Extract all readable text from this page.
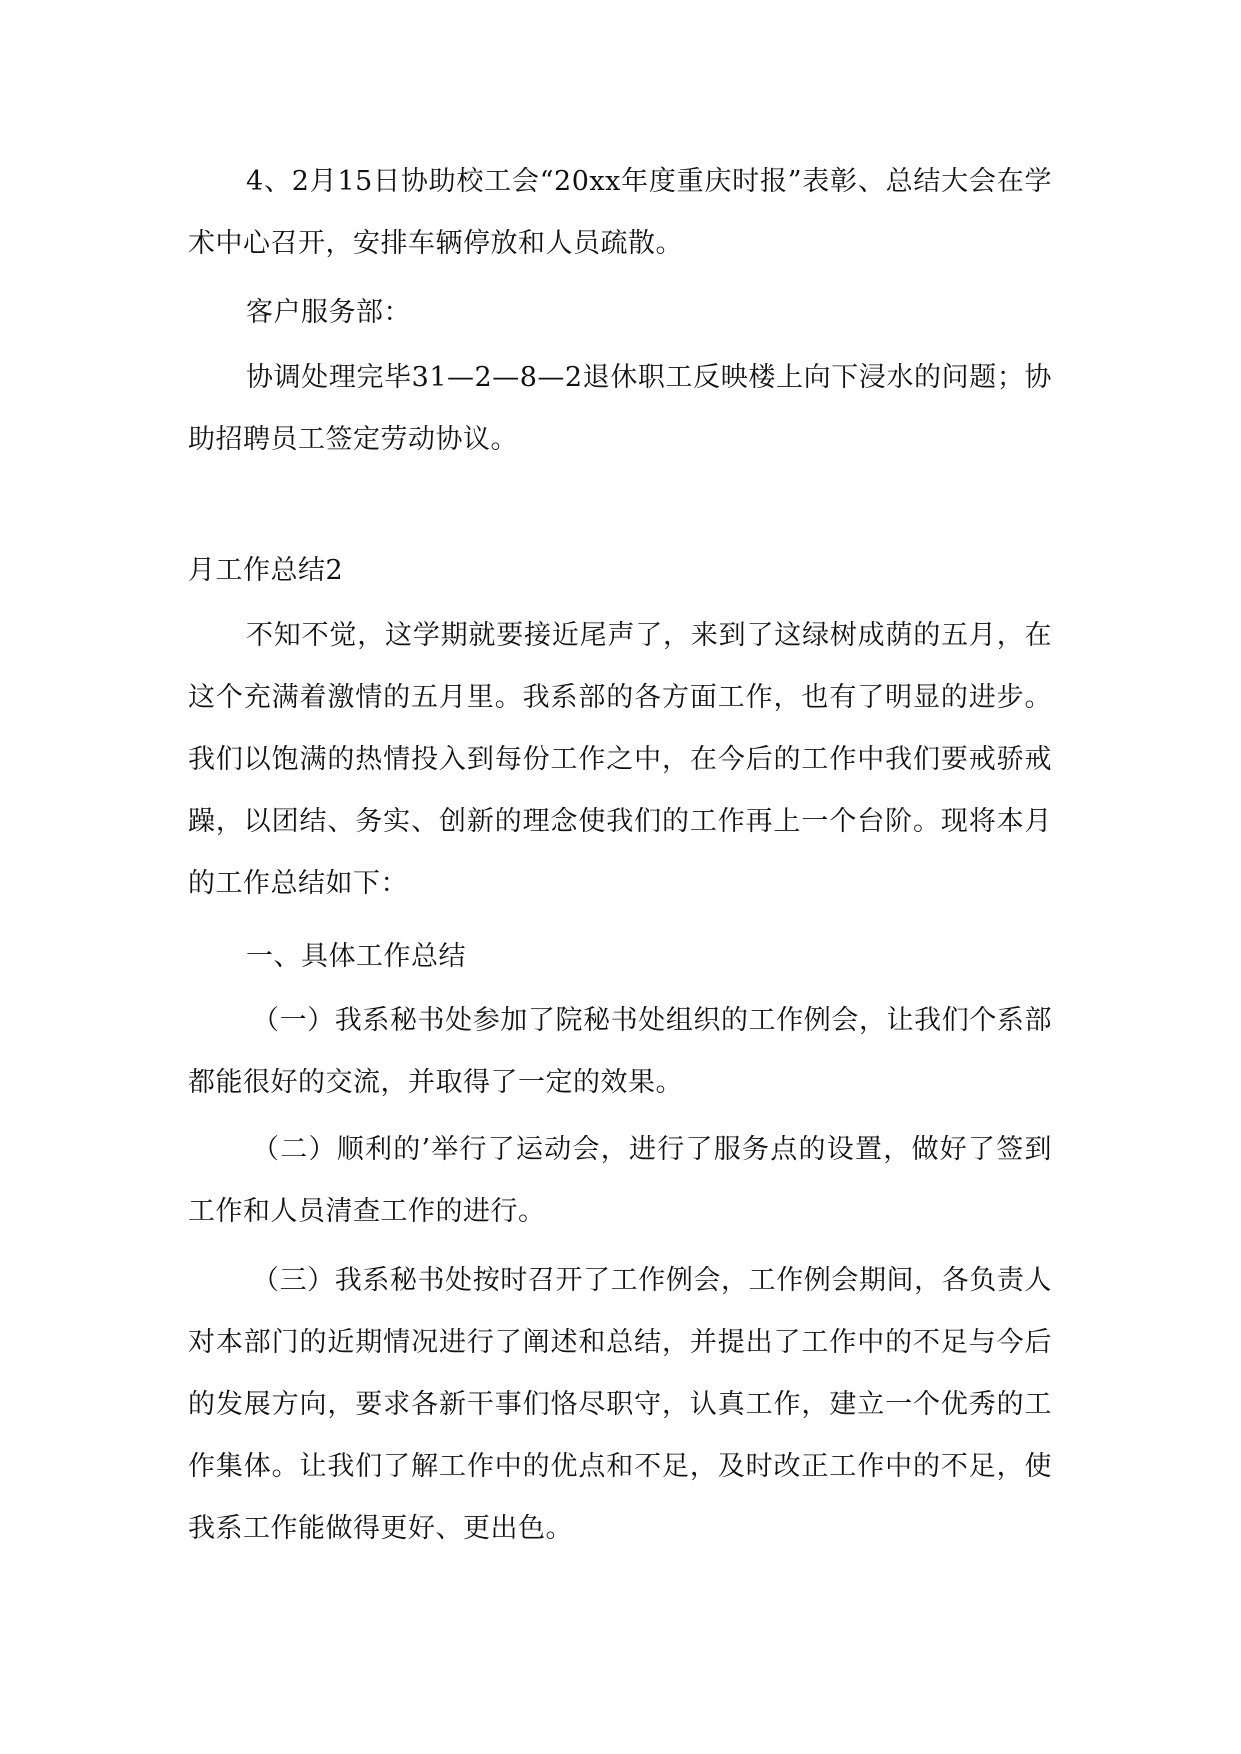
4、2月15日协助校工会“20xx年度重庆时报”表彰、总结大会在学术中心召开，安排车辆停放和人员疏散。

客户服务部：

协调处理完毕31—2—8—2退休职工反映楼上向下浸水的问题；协助招聘员工签定劳动协议。

月工作总结2

不知不觉，这学期就要接近尾声了，来到了这绿树成荫的五月，在这个充满着激情的五月里。我系部的各方面工作，也有了明显的进步。我们以饱满的热情投入到每份工作之中，在今后的工作中我们要戒骄戒躁，以团结、务实、创新的理念使我们的工作再上一个台阶。现将本月的工作总结如下：

一、具体工作总结

（一）我系秘书处参加了院秘书处组织的工作例会，让我们个系部都能很好的交流，并取得了一定的效果。

（二）顺利的’举行了运动会，进行了服务点的设置，做好了签到工作和人员清查工作的进行。

（三）我系秘书处按时召开了工作例会，工作例会期间，各负责人对本部门的近期情况进行了阐述和总结，并提出了工作中的不足与今后的发展方向，要求各新干事们恪尽职守，认真工作，建立一个优秀的工作集体。让我们了解工作中的优点和不足，及时改正工作中的不足，使我系工作能做得更好、更出色。
